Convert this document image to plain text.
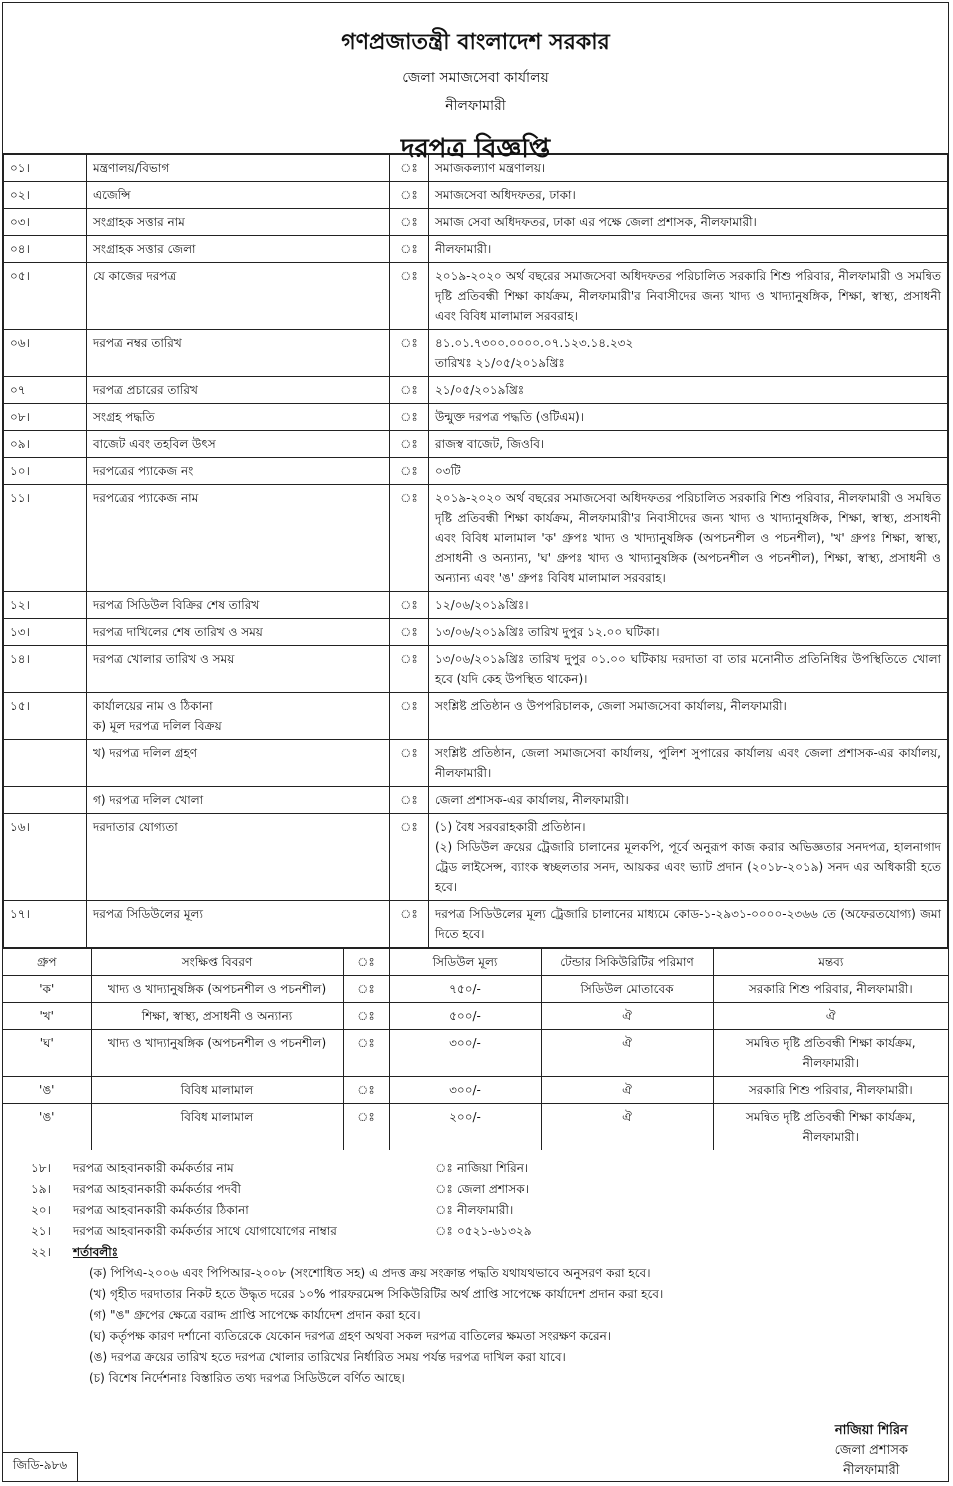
গণপ্রজাতন্ত্রী বাংলাদেশ সরকার
জেলা সমাজসেবা কার্যালয়
নীলফামারী
দরপত্র বিজ্ঞপ্তি
০১।	মন্ত্রণালয়/বিভাগ	ঃ	সমাজকল্যাণ মন্ত্রণালয়।

০২।	এজেন্সি	ঃ	সমাজসেবা অধিদফতর, ঢাকা।

০৩।	সংগ্রাহক সত্তার নাম	ঃ	সমাজ সেবা অধিদফতর, ঢাকা এর পক্ষে জেলা প্রশাসক, নীলফামারী।

০৪।	সংগ্রাহক সত্তার জেলা	ঃ	নীলফামারী।

০৫।	যে কাজের দরপত্র	ঃ	২০১৯-২০২০ অর্থ বছরের সমাজসেবা অধিদফতর পরিচালিত সরকারি শিশু পরিবার, নীলফামারী ও সমন্বিত দৃষ্টি প্রতিবন্ধী শিক্ষা কার্যক্রম, নীলফামারী'র নিবাসীদের জন্য খাদ্য ও খাদ্যানুষঙ্গিক, শিক্ষা, স্বাস্থ্য, প্রসাধনী এবং বিবিধ মালামাল সরবরাহ।

০৬।	দরপত্র নম্বর তারিখ	ঃ	৪১.০১.৭৩০০.০০০০.০৭.১২৩.১৪.২৩২
তারিখঃ ২১/০৫/২০১৯খ্রিঃ

০৭	দরপত্র প্রচারের তারিখ	ঃ	২১/০৫/২০১৯খ্রিঃ

০৮।	সংগ্রহ পদ্ধতি	ঃ	উন্মুক্ত দরপত্র পদ্ধতি (ওটিএম)।

০৯।	বাজেট এবং তহবিল উৎস	ঃ	রাজস্ব বাজেট, জিওবি।

১০।	দরপত্রের প্যাকেজ নং	ঃ	০৩টি

১১।	দরপত্রের প্যাকেজ নাম	ঃ	২০১৯-২০২০ অর্থ বছরের সমাজসেবা অধিদফতর পরিচালিত সরকারি শিশু পরিবার, নীলফামারী ও সমন্বিত দৃষ্টি প্রতিবন্ধী শিক্ষা কার্যক্রম, নীলফামারী'র নিবাসীদের জন্য খাদ্য ও খাদ্যানুষঙ্গিক, শিক্ষা, স্বাস্থ্য, প্রসাধনী এবং বিবিধ মালামাল 'ক' গ্রুপঃ খাদ্য ও খাদ্যানুষঙ্গিক (অপচনশীল ও পচনশীল), 'খ' গ্রুপঃ শিক্ষা, স্বাস্থ্য, প্রসাধনী ও অন্যান্য, 'ঘ' গ্রুপঃ খাদ্য ও খাদ্যানুষঙ্গিক (অপচনশীল ও পচনশীল), শিক্ষা, স্বাস্থ্য, প্রসাধনী ও অন্যান্য এবং 'ঙ' গ্রুপঃ বিবিধ মালামাল সরবরাহ।

১২।	দরপত্র সিডিউল বিক্রির শেষ তারিখ	ঃ	১২/০৬/২০১৯খ্রিঃ।

১৩।	দরপত্র দাখিলের শেষ তারিখ ও সময়	ঃ	১৩/০৬/২০১৯খ্রিঃ তারিখ দুপুর ১২.০০ ঘটিকা।

১৪।	দরপত্র খোলার তারিখ ও সময়	ঃ	১৩/০৬/২০১৯খ্রিঃ তারিখ দুপুর ০১.০০ ঘটিকায় দরদাতা বা তার মনোনীত প্রতিনিধির উপস্থিতিতে খোলা হবে (যদি কেহ উপস্থিত থাকেন)।

১৫।	কার্যালয়ের নাম ও ঠিকানা
ক) মূল দরপত্র দলিল বিক্রয়	ঃ	সংশ্লিষ্ট প্রতিষ্ঠান ও উপপরিচালক, জেলা সমাজসেবা কার্যালয়, নীলফামারী।

	খ) দরপত্র দলিল গ্রহণ	ঃ	সংশ্লিষ্ট প্রতিষ্ঠান, জেলা সমাজসেবা কার্যালয়, পুলিশ সুপারের কার্যালয় এবং জেলা প্রশাসক-এর কার্যালয়, নীলফামারী।

	গ) দরপত্র দলিল খোলা	ঃ	জেলা প্রশাসক-এর কার্যালয়, নীলফামারী।
১৬।	দরদাতার যোগ্যতা	ঃ	(১) বৈধ সরবরাহকারী প্রতিষ্ঠান।
(২) সিডিউল ক্রয়ের ট্রেজারি চালানের মূলকপি, পূর্বে অনুরূপ কাজ করার অভিজ্ঞতার সনদপত্র, হালনাগাদ ট্রেড লাইসেন্স, ব্যাংক স্বচ্ছলতার সনদ, আয়কর এবং ভ্যাট প্রদান (২০১৮-২০১৯) সনদ এর অধিকারী হতে হবে।

১৭।	দরপত্র সিডিউলের মূল্য	ঃ	দরপত্র সিডিউলের মূল্য ট্রেজারি চালানের মাধ্যমে কোড-১-২৯৩১-০০০০-২৩৬৬ তে (অফেরতযোগ্য) জমা দিতে হবে।
গ্রুপ	সংক্ষিপ্ত বিবরণ	ঃ	সিডিউল মূল্য	টেন্ডার সিকিউরিটির পরিমাণ	মন্তব্য
'ক'	খাদ্য ও খাদ্যানুষঙ্গিক (অপচনশীল ও পচনশীল)	ঃ	৭৫০/-	সিডিউল মোতাবেক	সরকারি শিশু পরিবার, নীলফামারী।
'খ'	শিক্ষা, স্বাস্থ্য, প্রসাধনী ও অন্যান্য	ঃ	৫০০/-	ঐ	ঐ
'ঘ'	খাদ্য ও খাদ্যানুষঙ্গিক (অপচনশীল ও পচনশীল)	ঃ	৩০০/-	ঐ	সমন্বিত দৃষ্টি প্রতিবন্ধী শিক্ষা কার্যক্রম, নীলফামারী।
'ঙ'	বিবিধ মালামাল	ঃ	৩০০/-	ঐ	সরকারি শিশু পরিবার, নীলফামারী।
'ঙ'	বিবিধ মালামাল	ঃ	২০০/-	ঐ	সমন্বিত দৃষ্টি প্রতিবন্ধী শিক্ষা কার্যক্রম, নীলফামারী।
১৮।	দরপত্র আহবানকারী কর্মকর্তার নাম	ঃ নাজিয়া শিরিন।
১৯।	দরপত্র আহবানকারী কর্মকর্তার পদবী	ঃ জেলা প্রশাসক।
২০।	দরপত্র আহবানকারী কর্মকর্তার ঠিকানা	ঃ নীলফামারী।
২১।	দরপত্র আহবানকারী কর্মকর্তার সাথে যোগাযোগের নাম্বার	ঃ ০৫২১-৬১৩২৯
২২।	শর্তাবলীঃ
(ক) পিপিএ-২০০৬ এবং পিপিআর-২০০৮ (সংশোধিত সহ) এ প্রদত্ত ক্রয় সংক্রান্ত পদ্ধতি যথাযথভাবে অনুসরণ করা হবে।
(খ) গৃহীত দরদাতার নিকট হতে উদ্ধৃত দরের ১০% পারফরমেন্স সিকিউরিটির অর্থ প্রাপ্তি সাপেক্ষে কার্যাদেশ প্রদান করা হবে।
(গ) "ঙ" গ্রুপের ক্ষেত্রে বরাদ্দ প্রাপ্তি সাপেক্ষে কার্যাদেশ প্রদান করা হবে।
(ঘ) কর্তৃপক্ষ কারণ দর্শানো ব্যতিরেকে যেকোন দরপত্র গ্রহণ অথবা সকল দরপত্র বাতিলের ক্ষমতা সংরক্ষণ করেন।
(ঙ) দরপত্র ক্রয়ের তারিখ হতে দরপত্র খোলার তারিখের নির্ধারিত সময় পর্যন্ত দরপত্র দাখিল করা যাবে।
(চ) বিশেষ নির্দেশনাঃ বিস্তারিত তথ্য দরপত্র সিডিউলে বর্ণিত আছে।
নাজিয়া শিরিন
জেলা প্রশাসক
নীলফামারী
জিডি-৯৮৬
